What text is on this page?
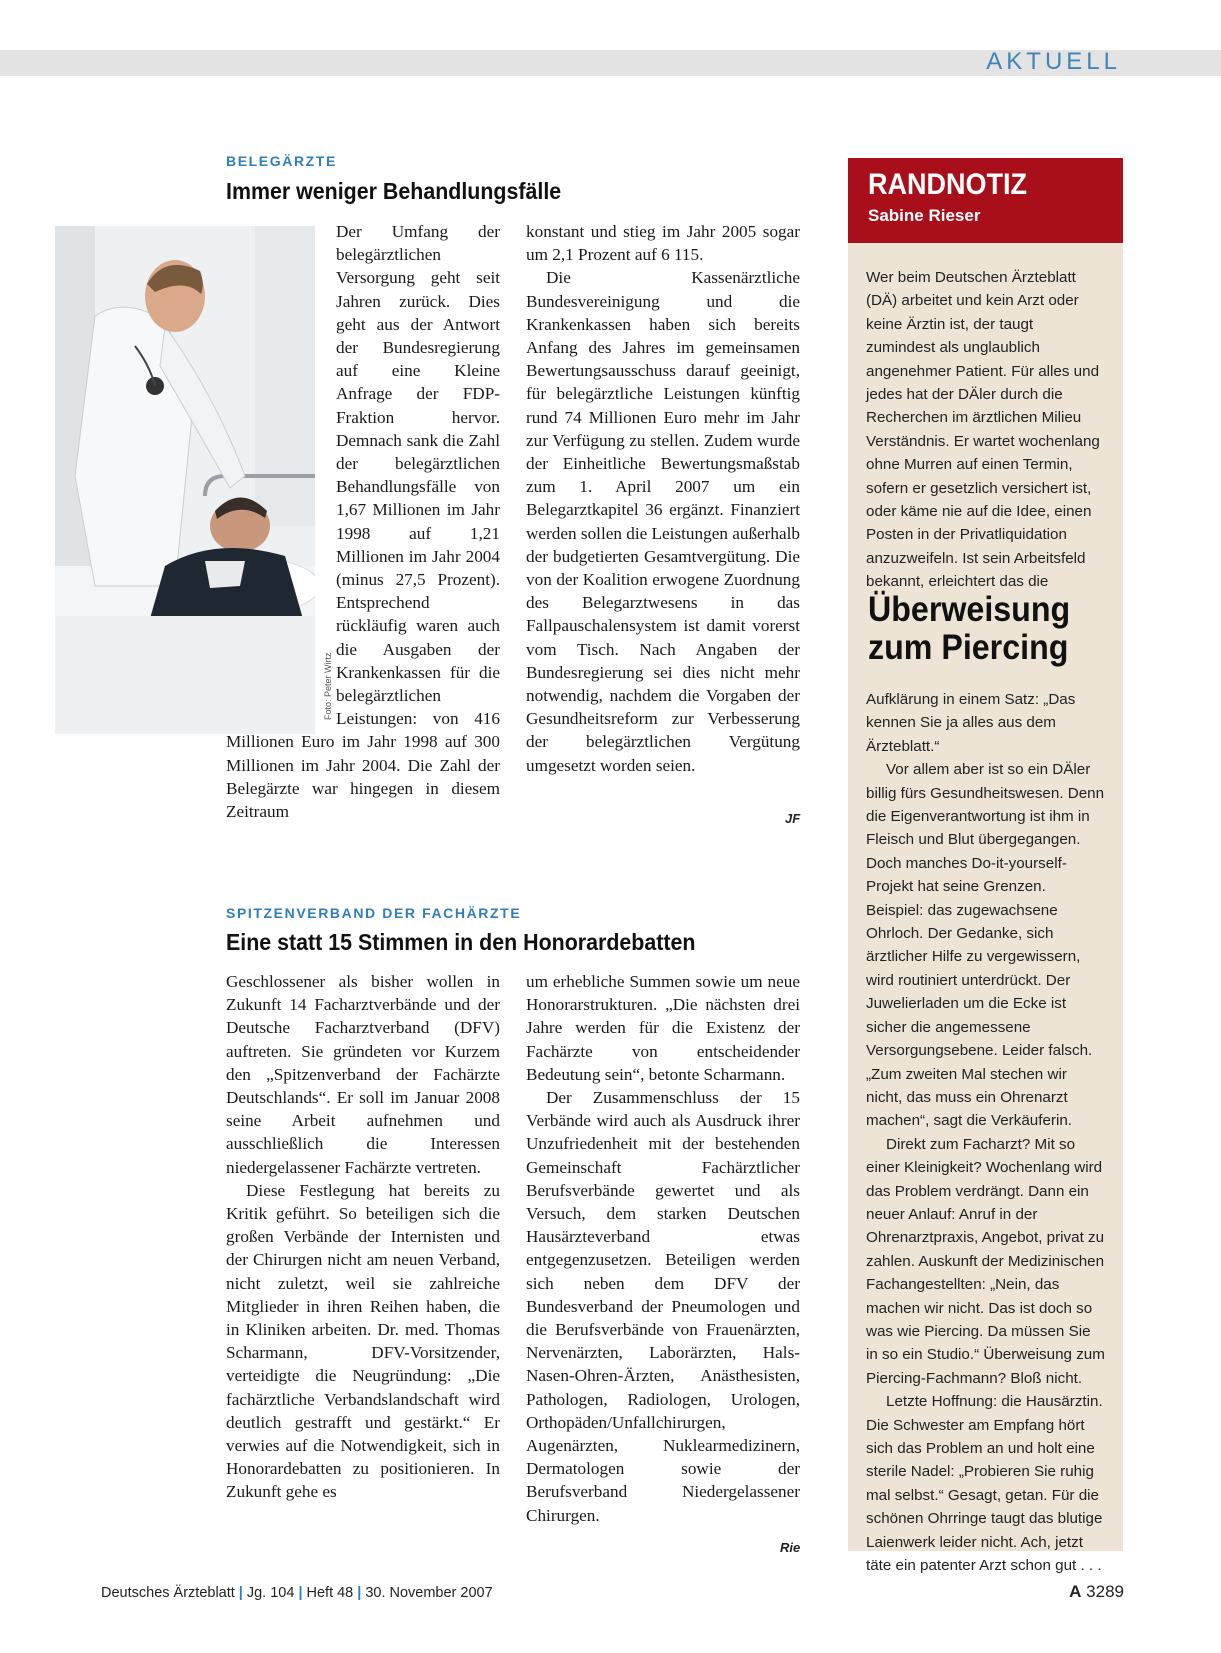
AKTUELL
BELEGÄRZTE
Immer weniger Behandlungsfälle

Foto: Peter Wirtz

Der Umfang der belegärztlichen Versorgung geht seit Jahren zurück. Dies geht aus der Antwort der Bundesregierung auf eine Kleine Anfrage der FDP-Fraktion hervor. Demnach sank die Zahl der belegärztlichen Behandlungsfälle von 1,67 Millionen im Jahr 1998 auf 1,21 Millionen im Jahr 2004 (minus 27,5 Prozent). Entsprechend rückläufig waren auch die Ausgaben der Krankenkassen für die belegärztlichen Leistungen: von 416 Millionen Euro im Jahr 1998 auf 300 Millionen im Jahr 2004. Die Zahl der Belegärzte war hingegen in diesem Zeitraum

konstant und stieg im Jahr 2005 sogar um 2,1 Prozent auf 6 115.

Die Kassenärztliche Bundesvereinigung und die Krankenkassen haben sich bereits Anfang des Jahres im gemeinsamen Bewertungsausschuss darauf geeinigt, für belegärztliche Leistungen künftig rund 74 Millionen Euro mehr im Jahr zur Verfügung zu stellen. Zudem wurde der Einheitliche Bewertungsmaßstab zum 1. April 2007 um ein Belegarztkapitel 36 ergänzt. Finanziert werden sollen die Leistungen außerhalb der budgetierten Gesamtvergütung. Die von der Koalition erwogene Zuordnung des Belegarztwesens in das Fallpauschalensystem ist damit vorerst vom Tisch. Nach Angaben der Bundesregierung sei dies nicht mehr notwendig, nachdem die Vorgaben der Gesundheitsreform zur Verbesserung der belegärztlichen Vergütung umgesetzt worden seien.

JF

SPITZENVERBAND DER FACHÄRZTE
Eine statt 15 Stimmen in den Honorardebatten

Geschlossener als bisher wollen in Zukunft 14 Facharztverbände und der Deutsche Facharztverband (DFV) auftreten. Sie gründeten vor Kurzem den „Spitzenverband der Fachärzte Deutschlands“. Er soll im Januar 2008 seine Arbeit aufnehmen und ausschließlich die Interessen niedergelassener Fachärzte vertreten.

Diese Festlegung hat bereits zu Kritik geführt. So beteiligen sich die großen Verbände der Internisten und der Chirurgen nicht am neuen Verband, nicht zuletzt, weil sie zahlreiche Mitglieder in ihren Reihen haben, die in Kliniken arbeiten. Dr. med. Thomas Scharmann, DFV-Vorsitzender, verteidigte die Neugründung: „Die fachärztliche Verbandslandschaft wird deutlich gestrafft und gestärkt.“ Er verwies auf die Notwendigkeit, sich in Honorardebatten zu positionieren. In Zukunft gehe es

um erhebliche Summen sowie um neue Honorarstrukturen. „Die nächsten drei Jahre werden für die Existenz der Fachärzte von entscheidender Bedeutung sein“, betonte Scharmann.

Der Zusammenschluss der 15 Verbände wird auch als Ausdruck ihrer Unzufriedenheit mit der bestehenden Gemeinschaft Fachärztlicher Berufsverbände gewertet und als Versuch, dem starken Deutschen Hausärzteverband etwas entgegenzusetzen. Beteiligen werden sich neben dem DFV der Bundesverband der Pneumologen und die Berufsverbände von Frauenärzten, Nervenärzten, Laborärzten, Hals-Nasen-Ohren-Ärzten, Anästhesisten, Pathologen, Radiologen, Urologen, Orthopäden/Unfallchirurgen, Augenärzten, Nuklearmedizinern, Dermatologen sowie der Berufsverband Niedergelassener Chirurgen.

Rie

RANDNOTIZ

Sabine Rieser

Wer beim Deutschen Ärzteblatt (DÄ) arbeitet und kein Arzt oder keine Ärztin ist, der taugt zumindest als unglaublich angenehmer Patient. Für alles und jedes hat der DÄler durch die Recherchen im ärztlichen Milieu Verständnis. Er wartet wochenlang ohne Murren auf einen Termin, sofern er gesetzlich versichert ist, oder käme nie auf die Idee, einen Posten in der Privatliquidation anzuzweifeln. Ist sein Arbeitsfeld bekannt, erleichtert das die

Überweisung zum Piercing

Aufklärung in einem Satz: „Das kennen Sie ja alles aus dem Ärzteblatt.“

Vor allem aber ist so ein DÄler billig fürs Gesundheitswesen. Denn die Eigenverantwortung ist ihm in Fleisch und Blut übergegangen. Doch manches Do-it-yourself-Projekt hat seine Grenzen. Beispiel: das zugewachsene Ohrloch. Der Gedanke, sich ärztlicher Hilfe zu vergewissern, wird routiniert unterdrückt. Der Juwelierladen um die Ecke ist sicher die angemessene Versorgungsebene. Leider falsch. „Zum zweiten Mal stechen wir nicht, das muss ein Ohrenarzt machen“, sagt die Verkäuferin.

Direkt zum Facharzt? Mit so einer Kleinigkeit? Wochenlang wird das Problem verdrängt. Dann ein neuer Anlauf: Anruf in der Ohrenarztpraxis, Angebot, privat zu zahlen. Auskunft der Medizinischen Fachangestellten: „Nein, das machen wir nicht. Das ist doch so was wie Piercing. Da müssen Sie in so ein Studio.“ Überweisung zum Piercing-Fachmann? Bloß nicht.

Letzte Hoffnung: die Hausärztin. Die Schwester am Empfang hört sich das Problem an und holt eine sterile Nadel: „Probieren Sie ruhig mal selbst.“ Gesagt, getan. Für die schönen Ohrringe taugt das blutige Laienwerk leider nicht. Ach, jetzt täte ein patenter Arzt schon gut . . .

Deutsches Ärzteblatt | Jg. 104 | Heft 48 | 30. November 2007	A 3289
